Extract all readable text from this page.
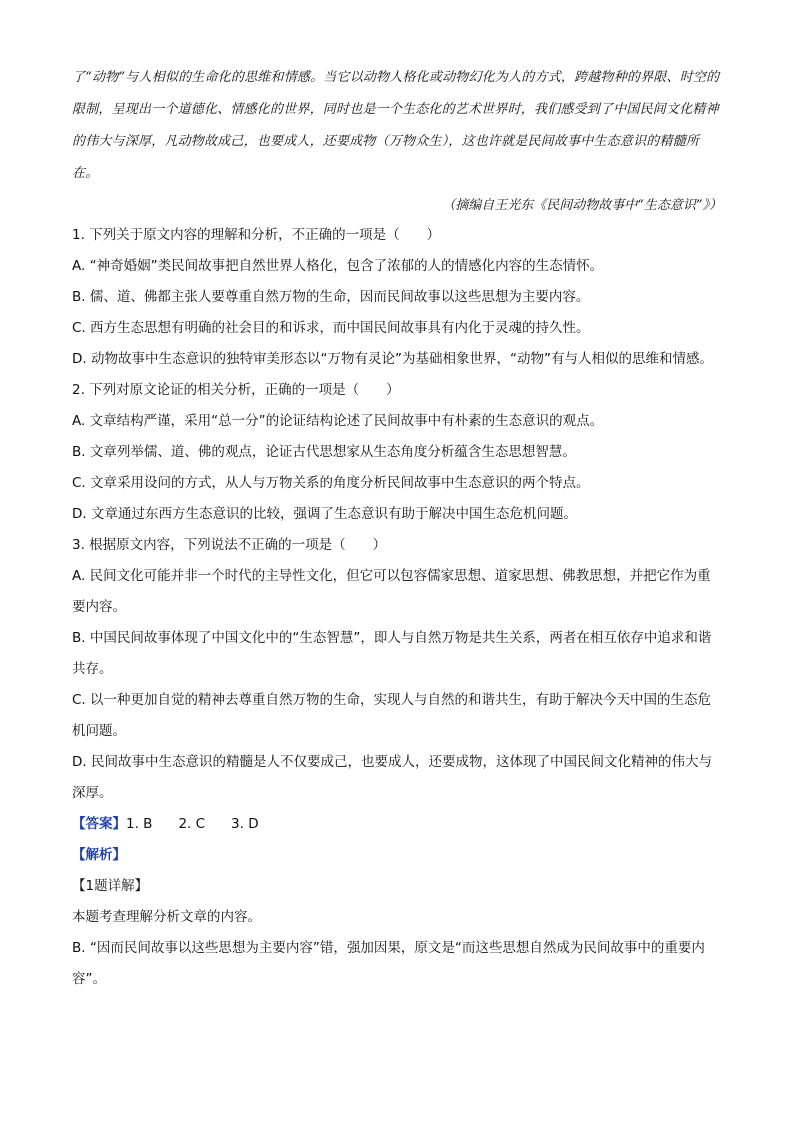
了“动物”与人相似的生命化的思维和情感。当它以动物人格化或动物幻化为人的方式，跨越物种的界限、时空的限制，呈现出一个道德化、情感化的世界，同时也是一个生态化的艺术世界时，我们感受到了中国民间文化精神的伟大与深厚，凡动物故成己，也要成人，还要成物（万物众生），这也许就是民间故事中生态意识的精髓所在。

（摘编自王光东《民间动物故事中“生态意识”》）

1. 下列关于原文内容的理解和分析，不正确的一项是（　　）

A. “神奇婚姻”类民间故事把自然世界人格化，包含了浓郁的人的情感化内容的生态情怀。

B. 儒、道、佛都主张人要尊重自然万物的生命，因而民间故事以这些思想为主要内容。

C. 西方生态思想有明确的社会目的和诉求，而中国民间故事具有内化于灵魂的持久性。

D. 动物故事中生态意识的独特审美形态以“万物有灵论”为基础相象世界，“动物”有与人相似的思维和情感。

2. 下列对原文论证的相关分析，正确的一项是（　　）

A. 文章结构严谨，采用“总一分”的论证结构论述了民间故事中有朴素的生态意识的观点。

B. 文章列举儒、道、佛的观点，论证古代思想家从生态角度分析蕴含生态思想智慧。

C. 文章采用设问的方式，从人与万物关系的角度分析民间故事中生态意识的两个特点。

D. 文章通过东西方生态意识的比较，强调了生态意识有助于解决中国生态危机问题。

3. 根据原文内容，下列说法不正确的一项是（　　）

A. 民间文化可能并非一个时代的主导性文化，但它可以包容儒家思想、道家思想、佛教思想，并把它作为重要内容。

B. 中国民间故事体现了中国文化中的“生态智慧”，即人与自然万物是共生关系，两者在相互依存中追求和谐共存。

C. 以一种更加自觉的精神去尊重自然万物的生命，实现人与自然的和谐共生，有助于解决今天中国的生态危机问题。

D. 民间故事中生态意识的精髓是人不仅要成己，也要成人，还要成物，这体现了中国民间文化精神的伟大与深厚。

【答案】1. B 2. C 3. D

【解析】

【1题详解】

本题考查理解分析文章的内容。

B. “因而民间故事以这些思想为主要内容”错，强加因果，原文是“而这些思想自然成为民间故事中的重要内容”。
